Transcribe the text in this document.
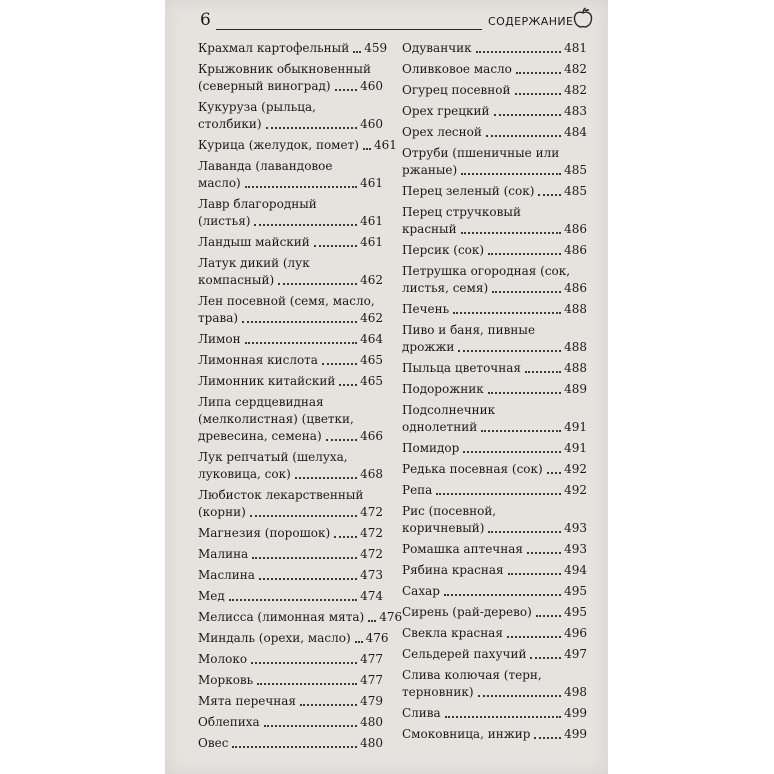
6	СОДЕРЖАНИЕ
Крахмал картофельный 459
Крыжовник обыкновенный
(северный виноград) 460
Кукуруза (рыльца,
столбики)	460
Курица (желудок, помет) 461
Лаванда (лавандовое
масло)	461
Лавр благородный
(листья)	461
Ландыш майский	461
Латук дикий (лук
компасный)	462
Лен посевной (семя, масло,
трава)	462
Лимон	464
Лимонная кислота	465
Лимонник китайский 465
Липа сердцевидная
(мелколистная) (цветки,
древесина, семена)	466
Лук репчатый (шелуха,
луковица, сок)	468
Любисток лекарственный
(корни)	472
Магнезия (порошок) 472
Малина	472
Маслина	473
Мед	474
Мелисса (лимонная мята) 476
Миндаль (орехи, масло) 476
Молоко	477
Морковь	477
Мята перечная	479
Облепиха	480
Овес	480
Одуванчик	481
Оливковое масло	482
Огурец посевной	482
Орех грецкий	483
Орех лесной	484
Отруби (пшеничные или
ржаные)	485
Перец зеленый (сок) 485
Перец стручковый
красный	486
Персик (сок)	486
Петрушка огородная (сок,
листья, семя)	486
Печень	488
Пиво и баня, пивные
дрожжи	488
Пыльца цветочная	488
Подорожник	489
Подсолнечник
однолетний	491
Помидор	491
Редька посевная (сок) 492
Репа	492
Рис (посевной,
коричневый)	493
Ромашка аптечная	493
Рябина красная	494
Сахар	495
Сирень (рай-дерево)	495
Свекла красная	496
Сельдерей пахучий	497
Слива колючая (терн,
терновник)	498
Слива	499
Смоковница, инжир	499
